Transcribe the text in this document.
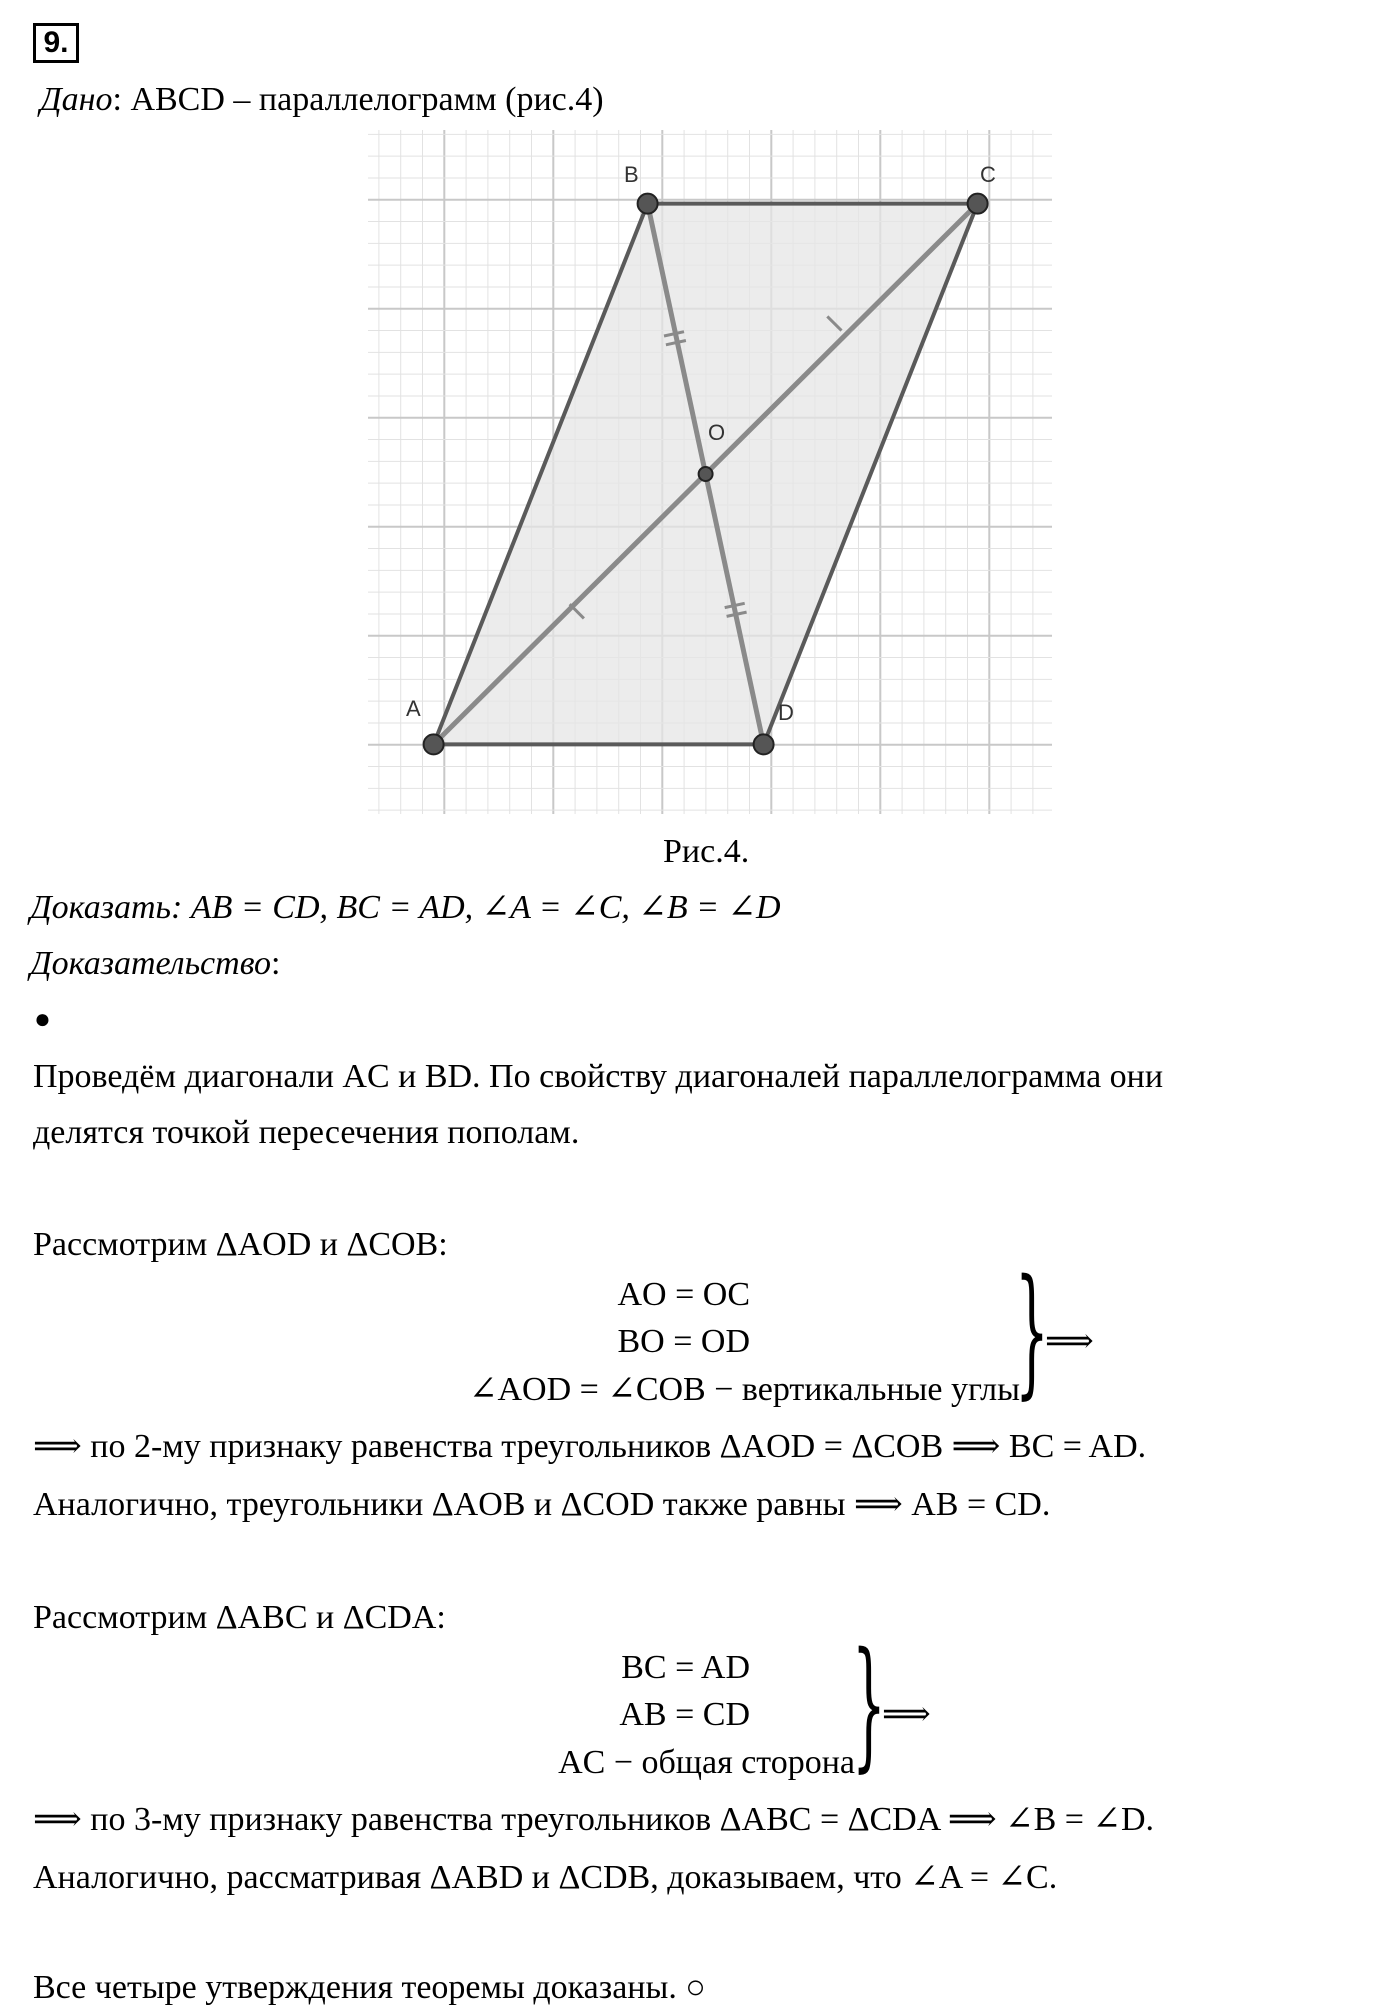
9.
Дано: ABCD – параллелограмм (рис.4)
A
B	C
D
O
Рис.4.
Доказать: AB = CD, BC = AD, ∠A = ∠C, ∠B = ∠D
Доказательство:
●
Проведём диагонали AC и BD. По свойству диагоналей параллелограмма они
делятся точкой пересечения пополам.
Рассмотрим ΔAOD и ΔCOB:
AO = OC
BO = OD
∠AOD = ∠COB − вертикальные углы
}
⟹
⟹ по 2-му признаку равенства треугольников ΔAOD = ΔCOB ⟹ BC = AD.
Аналогично, треугольники ΔAOB и ΔCOD также равны ⟹ AB = CD.
Рассмотрим ΔABC и ΔCDA:
BC = AD
AB = CD
AC − общая сторона
}
⟹
⟹ по 3-му признаку равенства треугольников ΔABC = ΔCDA ⟹ ∠B = ∠D.
Аналогично, рассматривая ΔABD и ΔCDB, доказываем, что ∠A = ∠C.
Все четыре утверждения теоремы доказаны. ○
